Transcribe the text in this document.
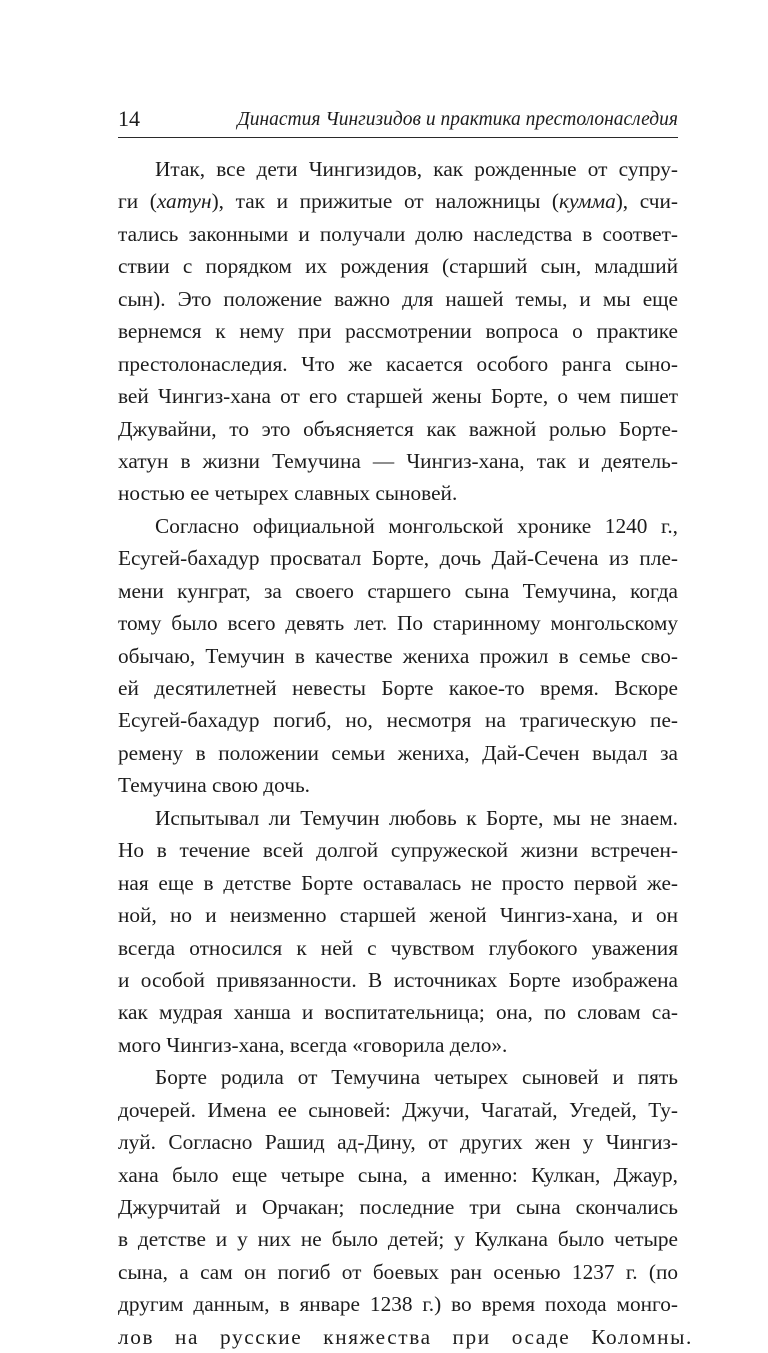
14	Династия Чингизидов и практика престолонаследия
Итак, все дети Чингизидов, как рожденные от супру-
ги (хатун), так и прижитые от наложницы (кумма), счи-
тались законными и получали долю наследства в соответ-
ствии с порядком их рождения (старший сын, младший
сын). Это положение важно для нашей темы, и мы еще
вернемся к нему при рассмотрении вопроса о практике
престолонаследия. Что же касается особого ранга сыно-
вей Чингиз-хана от его старшей жены Борте, о чем пишет
Джувайни, то это объясняется как важной ролью Борте-
хатун в жизни Темучина — Чингиз-хана, так и деятель-
ностью ее четырех славных сыновей.
Согласно официальной монгольской хронике 1240 г.,
Есугей-бахадур просватал Борте, дочь Дай-Сечена из пле-
мени кунграт, за своего старшего сына Темучина, когда
тому было всего девять лет. По старинному монгольскому
обычаю, Темучин в качестве жениха прожил в семье сво-
ей десятилетней невесты Борте какое-то время. Вскоре
Есугей-бахадур погиб, но, несмотря на трагическую пе-
ремену в положении семьи жениха, Дай-Сечен выдал за
Темучина свою дочь.
Испытывал ли Темучин любовь к Борте, мы не знаем.
Но в течение всей долгой супружеской жизни встречен-
ная еще в детстве Борте оставалась не просто первой же-
ной, но и неизменно старшей женой Чингиз-хана, и он
всегда относился к ней с чувством глубокого уважения
и особой привязанности. В источниках Борте изображена
как мудрая ханша и воспитательница; она, по словам са-
мого Чингиз-хана, всегда «говорила дело».
Борте родила от Темучина четырех сыновей и пять
дочерей. Имена ее сыновей: Джучи, Чагатай, Угедей, Ту-
луй. Согласно Рашид ад-Дину, от других жен у Чингиз-
хана было еще четыре сына, а именно: Кулкан, Джаур,
Джурчитай и Орчакан; последние три сына скончались
в детстве и у них не было детей; у Кулкана было четыре
сына, а сам он погиб от боевых ран осенью 1237 г. (по
другим данным, в январе 1238 г.) во время похода монго-
лов на русские княжества при осаде Коломны.
